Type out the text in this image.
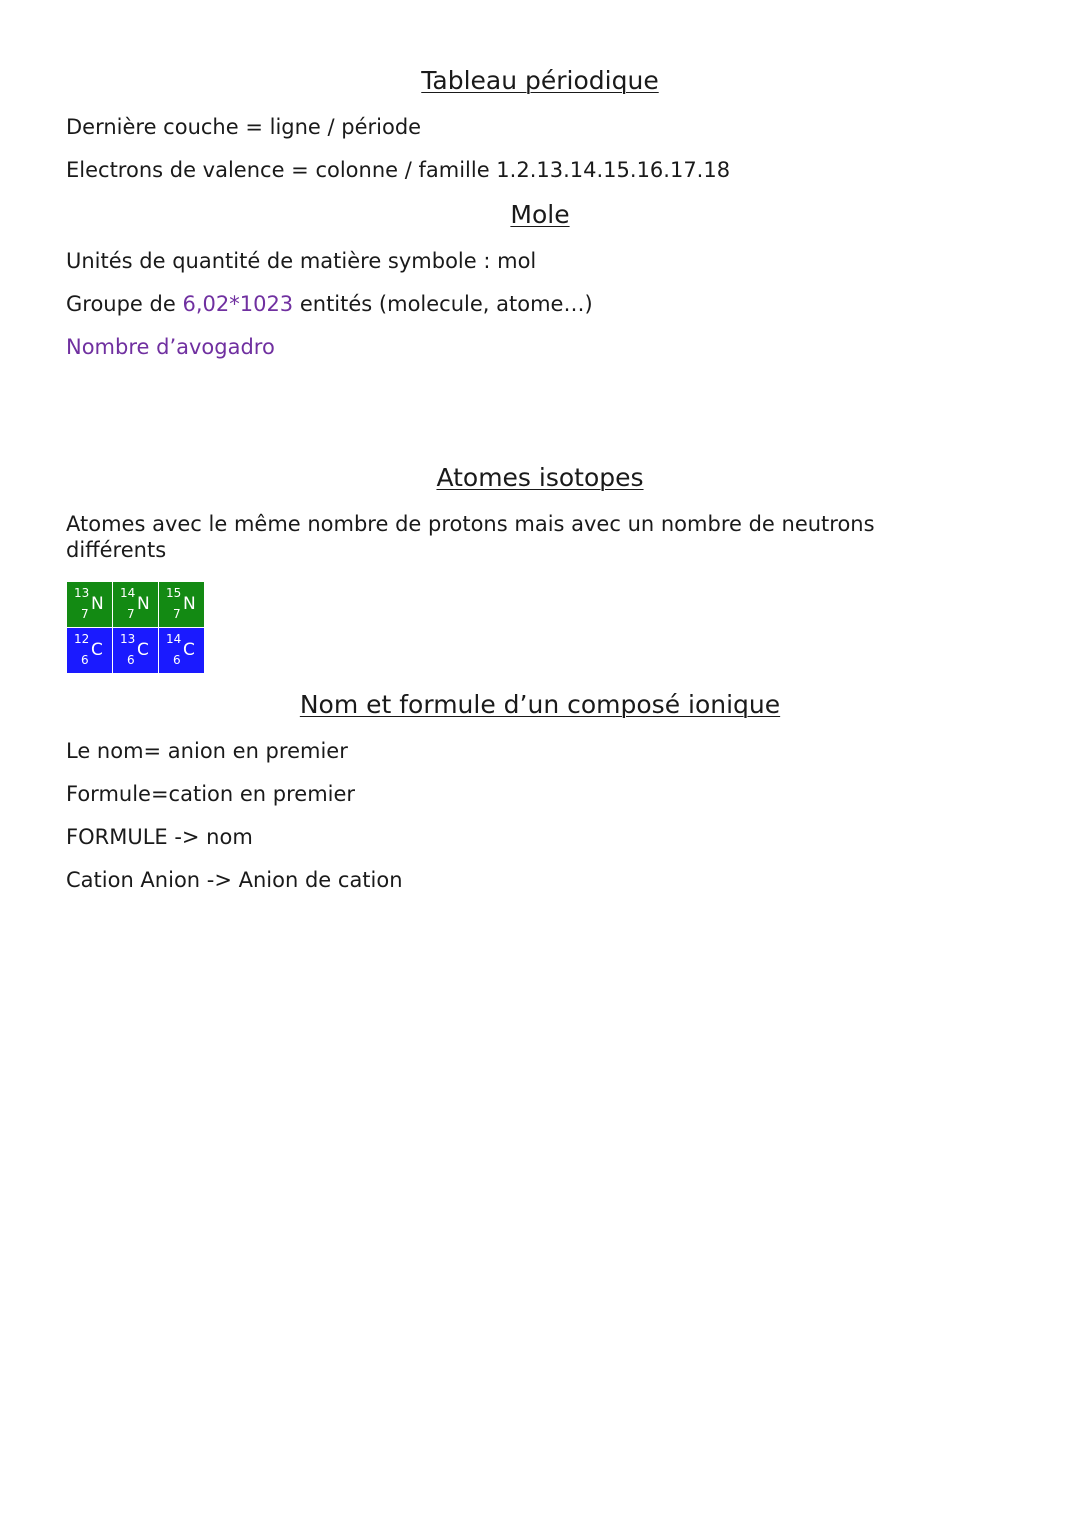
Tableau périodique

Dernière couche = ligne / période

Electrons de valence = colonne / famille 1.2.13.14.15.16.17.18

Mole

Unités de quantité de matière symbole : mol

Groupe de 6,02*1023 entités (molecule, atome…)

Nombre d’avogadro

Atomes isotopes

Atomes avec le même nombre de protons mais avec un nombre de neutrons différents

13
N
7
14
N
7
15
N
7
12
C
6
13
C
6
14
C
6
Nom et formule d’un composé ionique

Le nom= anion en premier

Formule=cation en premier

FORMULE -> nom

Cation Anion -> Anion de cation
